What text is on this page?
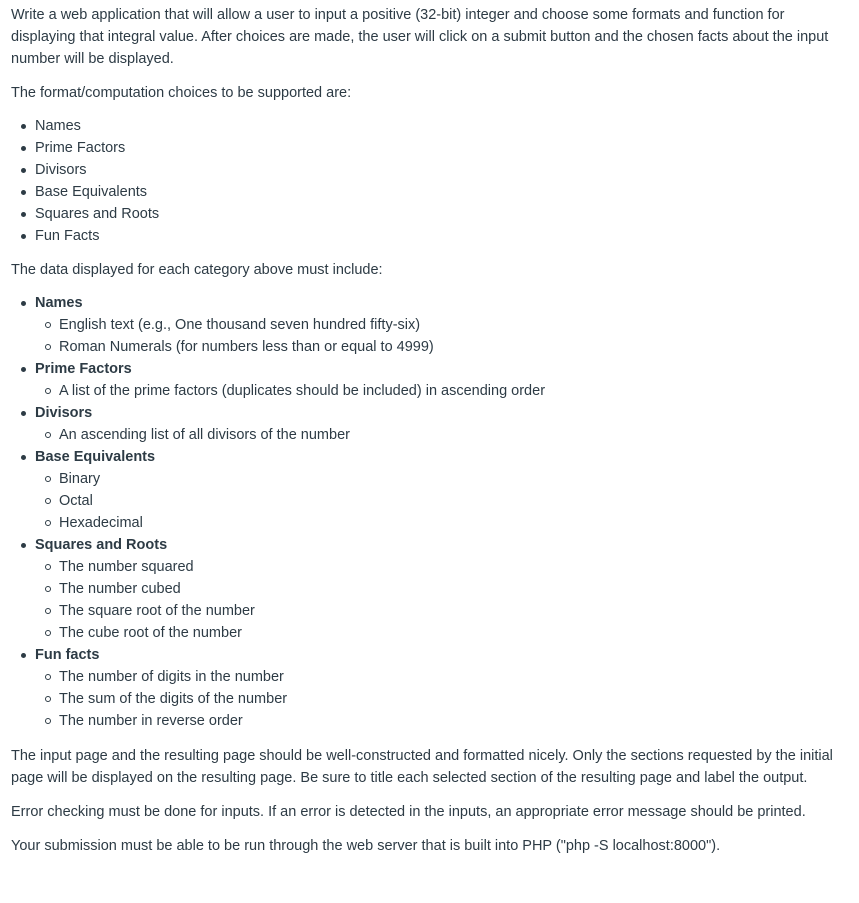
Write a web application that will allow a user to input a positive (32-bit) integer and choose some formats and function for displaying that integral value. After choices are made, the user will click on a submit button and the chosen facts about the input number will be displayed.

The format/computation choices to be supported are:

Names
Prime Factors
Divisors
Base Equivalents
Squares and Roots
Fun Facts

The data displayed for each category above must include:

Names
English text (e.g., One thousand seven hundred fifty-six)
Roman Numerals (for numbers less than or equal to 4999)
Prime Factors
A list of the prime factors (duplicates should be included) in ascending order
Divisors
An ascending list of all divisors of the number
Base Equivalents
Binary
Octal
Hexadecimal
Squares and Roots
The number squared
The number cubed
The square root of the number
The cube root of the number
Fun facts
The number of digits in the number
The sum of the digits of the number
The number in reverse order

The input page and the resulting page should be well-constructed and formatted nicely. Only the sections requested by the initial page will be displayed on the resulting page. Be sure to title each selected section of the resulting page and label the output.

Error checking must be done for inputs. If an error is detected in the inputs, an appropriate error message should be printed.

Your submission must be able to be run through the web server that is built into PHP ("php -S localhost:8000").
